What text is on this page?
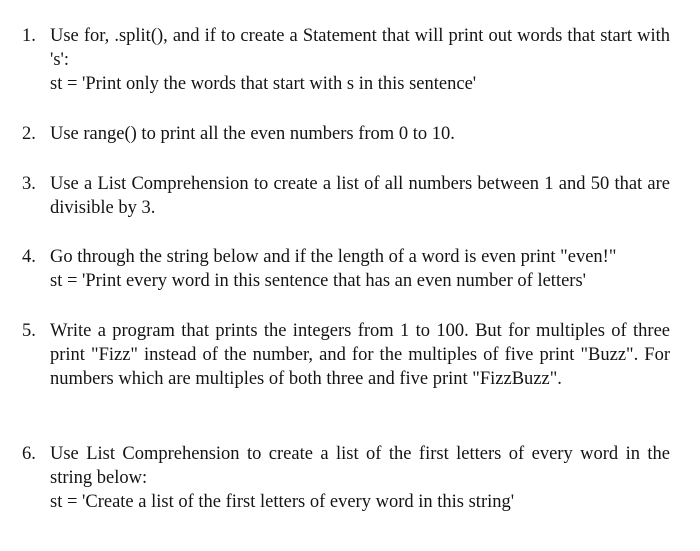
1. Use for, .split(), and if to create a Statement that will print out words that start with 's':
st = 'Print only the words that start with s in this sentence'
2. Use range() to print all the even numbers from 0 to 10.
3. Use a List Comprehension to create a list of all numbers between 1 and 50 that are divisible by 3.
4. Go through the string below and if the length of a word is even print "even!"
st = 'Print every word in this sentence that has an even number of letters'
5. Write a program that prints the integers from 1 to 100. But for multiples of three print "Fizz" instead of the number, and for the multiples of five print "Buzz". For numbers which are multiples of both three and five print "FizzBuzz".
6. Use List Comprehension to create a list of the first letters of every word in the string below:
st = 'Create a list of the first letters of every word in this string'
